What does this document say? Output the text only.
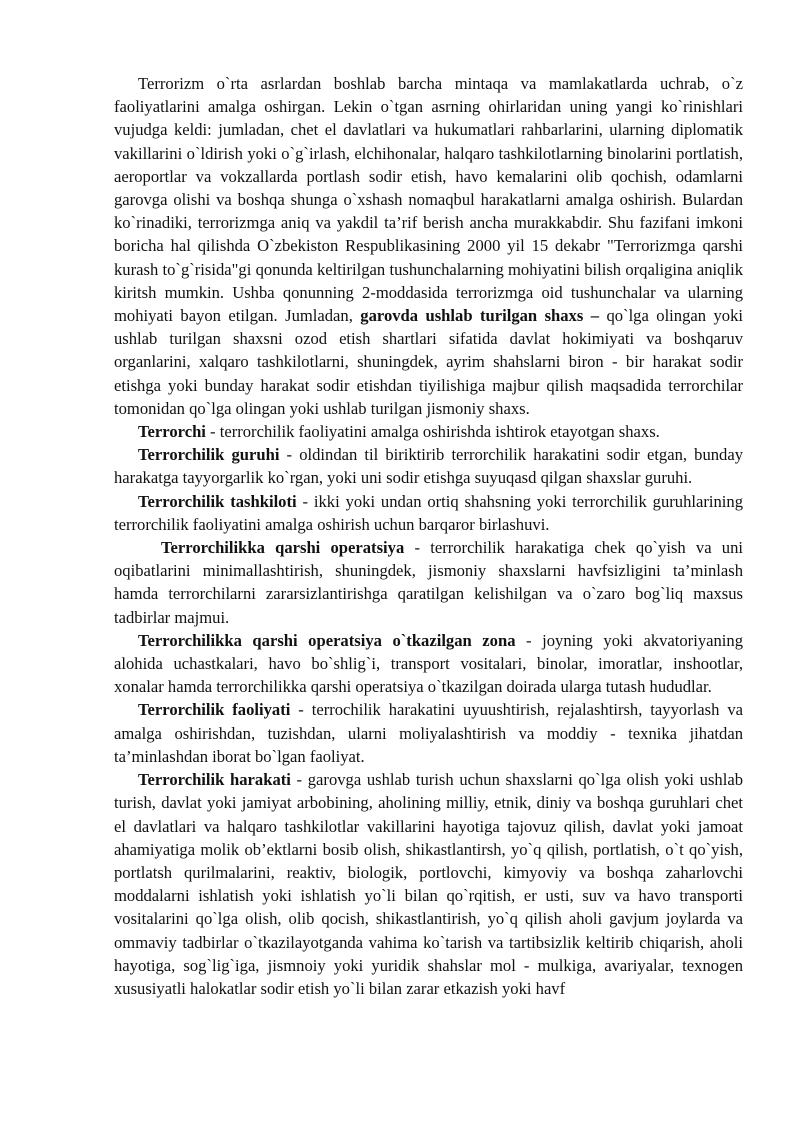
Terrorizm o`rta asrlardan boshlab barcha mintaqa va mamlakatlarda uchrab, o`z faoliyatlarini amalga oshirgan. Lekin o`tgan asrning ohirlaridan uning yangi ko`rinishlari vujudga keldi: jumladan, chet el davlatlari va hukumatlari rahbarlarini, ularning diplomatik vakillarini o`ldirish yoki o`g`irlash, elchihonalar, halqaro tashkilotlarning binolarini portlatish, aeroportlar va vokzallarda portlash sodir etish, havo kemalarini olib qochish, odamlarni garovga olishi va boshqa shunga o`xshash nomaqbul harakatlarni amalga oshirish. Bulardan ko`rinadiki, terrorizmga aniq va yakdil ta’rif berish ancha murakkabdir. Shu fazifani imkoni boricha hal qilishda O`zbekiston Respublikasining 2000 yil 15 dekabr "Terrorizmga qarshi kurash to`g`risida"gi qonunda keltirilgan tushunchalarning mohiyatini bilish orqaligina aniqlik kiritsh mumkin. Ushba qonunning 2-moddasida terrorizmga oid tushunchalar va ularning mohiyati bayon etilgan. Jumladan, garovda ushlab turilgan shaxs – qo`lga olingan yoki ushlab turilgan shaxsni ozod etish shartlari sifatida davlat hokimiyati va boshqaruv organlarini, xalqaro tashkilotlarni, shuningdek, ayrim shahslarni biron - bir harakat sodir etishga yoki bunday harakat sodir etishdan tiyilishiga majbur qilish maqsadida terrorchilar tomonidan qo`lga olingan yoki ushlab turilgan jismoniy shaxs.

Terrorchi - terrorchilik faoliyatini amalga oshirishda ishtirok etayotgan shaxs.

Terrorchilik guruhi - oldindan til biriktirib terrorchilik harakatini sodir etgan, bunday harakatga tayyorgarlik ko`rgan, yoki uni sodir etishga suyuqasd qilgan shaxslar guruhi.

Terrorchilik tashkiloti - ikki yoki undan ortiq shahsning yoki terrorchilik guruhlarining terrorchilik faoliyatini amalga oshirish uchun barqaror birlashuvi.

Terrorchilikka qarshi operatsiya - terrorchilik harakatiga chek qo`yish va uni oqibatlarini minimallashtirish, shuningdek, jismoniy shaxslarni havfsizligini ta’minlash hamda terrorchilarni zararsizlantirishga qaratilgan kelishilgan va o`zaro bog`liq maxsus tadbirlar majmui.

Terrorchilikka qarshi operatsiya o`tkazilgan zona - joyning yoki akvatoriyaning alohida uchastkalari, havo bo`shlig`i, transport vositalari, binolar, imoratlar, inshootlar, xonalar hamda terrorchilikka qarshi operatsiya o`tkazilgan doirada ularga tutash hududlar.

Terrorchilik faoliyati - terrochilik harakatini uyuushtirish, rejalashtirsh, tayyorlash va amalga oshirishdan, tuzishdan, ularni moliyalashtirish va moddiy - texnika jihatdan ta’minlashdan iborat bo`lgan faoliyat.

Terrorchilik harakati - garovga ushlab turish uchun shaxslarni qo`lga olish yoki ushlab turish, davlat yoki jamiyat arbobining, aholining milliy, etnik, diniy va boshqa guruhlari chet el davlatlari va halqaro tashkilotlar vakillarini hayotiga tajovuz qilish, davlat yoki jamoat ahamiyatiga molik ob’ektlarni bosib olish, shikastlantirsh, yo`q qilish, portlatish, o`t qo`yish, portlatsh qurilmalarini, reaktiv, biologik, portlovchi, kimyoviy va boshqa zaharlovchi moddalarni ishlatish yoki ishlatish yo`li bilan qo`rqitish, er usti, suv va havo transporti vositalarini qo`lga olish, olib qocish, shikastlantirish, yo`q qilish aholi gavjum joylarda va ommaviy tadbirlar o`tkazilayotganda vahima ko`tarish va tartibsizlik keltirib chiqarish, aholi hayotiga, sog`lig`iga, jismnoiy yoki yuridik shahslar mol - mulkiga, avariyalar, texnogen xususiyatli halokatlar sodir etish yo`li bilan zarar etkazish yoki havf
